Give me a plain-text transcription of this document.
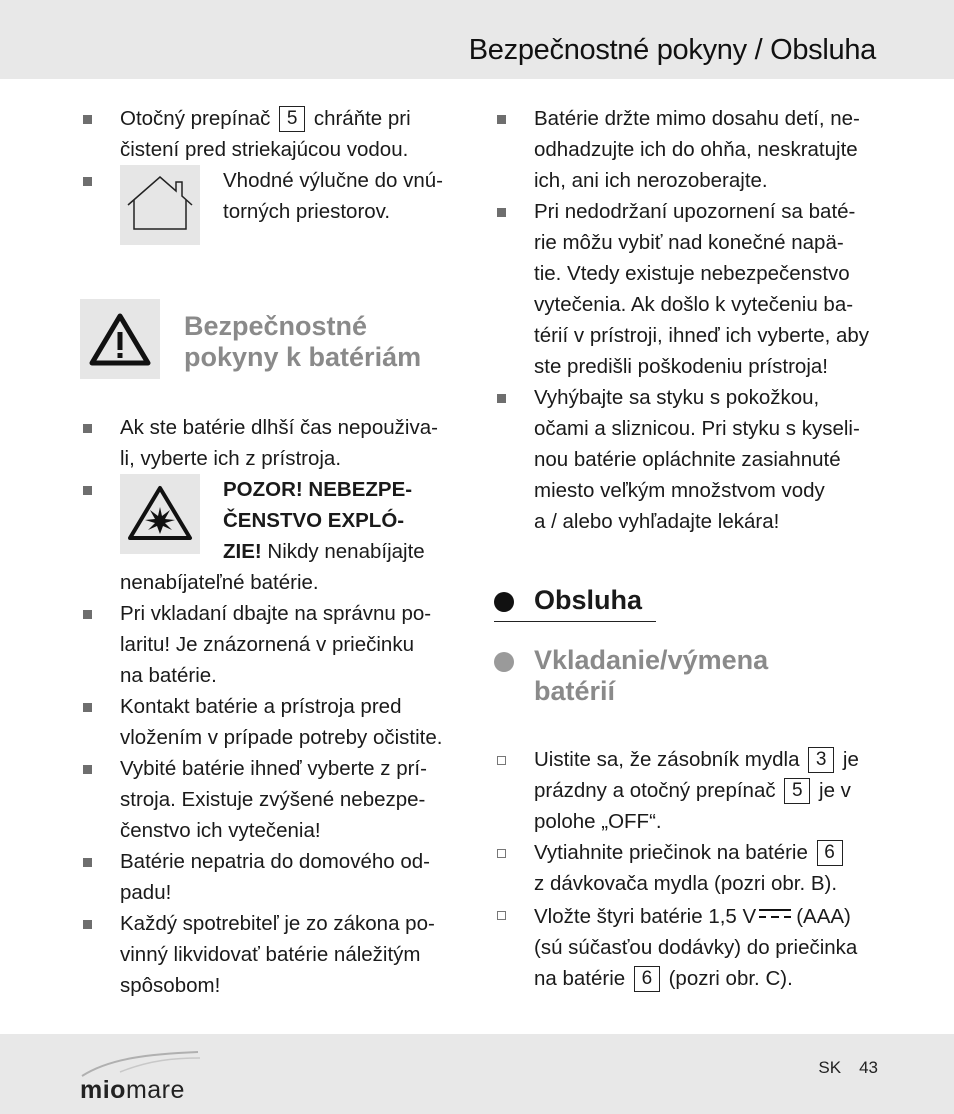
Bezpečnostné pokyny / Obsluha
Otočný prepínač 5 chráňte pri
čistení pred striekajúcou vodou.
Vhodné výlučne do vnú-
torných priestorov.
Bezpečnostné
pokyny k batériám
Ak ste batérie dlhší čas nepouživa-
li, vyberte ich z prístroja.
POZOR! NEBEZPE-
ČENSTVO EXPLÓ-
ZIE! Nikdy nenabíjajte
nenabíjateľné batérie.
Pri vkladaní dbajte na správnu po-
laritu! Je znázornená v priečinku
na batérie.
Kontakt batérie a prístroja pred
vložením v prípade potreby očistite.
Vybité batérie ihneď vyberte z prí-
stroja. Existuje zvýšené nebezpe-
čenstvo ich vytečenia!
Batérie nepatria do domového od-
padu!
Každý spotrebiteľ je zo zákona po-
vinný likvidovať batérie náležitým
spôsobom!
Batérie držte mimo dosahu detí, ne-
odhadzujte ich do ohňa, neskratujte
ich, ani ich nerozoberajte.
Pri nedodržaní upozornení sa baté-
rie môžu vybiť nad konečné napä-
tie. Vtedy existuje nebezpečenstvo
vytečenia. Ak došlo k vytečeniu ba-
térií v prístroji, ihneď ich vyberte, aby
ste predišli poškodeniu prístroja!
Vyhýbajte sa styku s pokožkou,
očami a sliznicou. Pri styku s kyseli-
nou batérie opláchnite zasiahnuté
miesto veľkým množstvom vody
a / alebo vyhľadajte lekára!
Obsluha
Vkladanie/výmena
batérií
Uistite sa, že zásobník mydla 3 je
prázdny a otočný prepínač 5 je v
polohe „OFF“.
Vytiahnite priečinok na batérie 6
z dávkovača mydla (pozri obr. B).
Vložte štyri batérie 1,5 V (AAA)
(sú súčasťou dodávky) do priečinka
na batérie 6 (pozri obr. C).
miomare
SK 43
